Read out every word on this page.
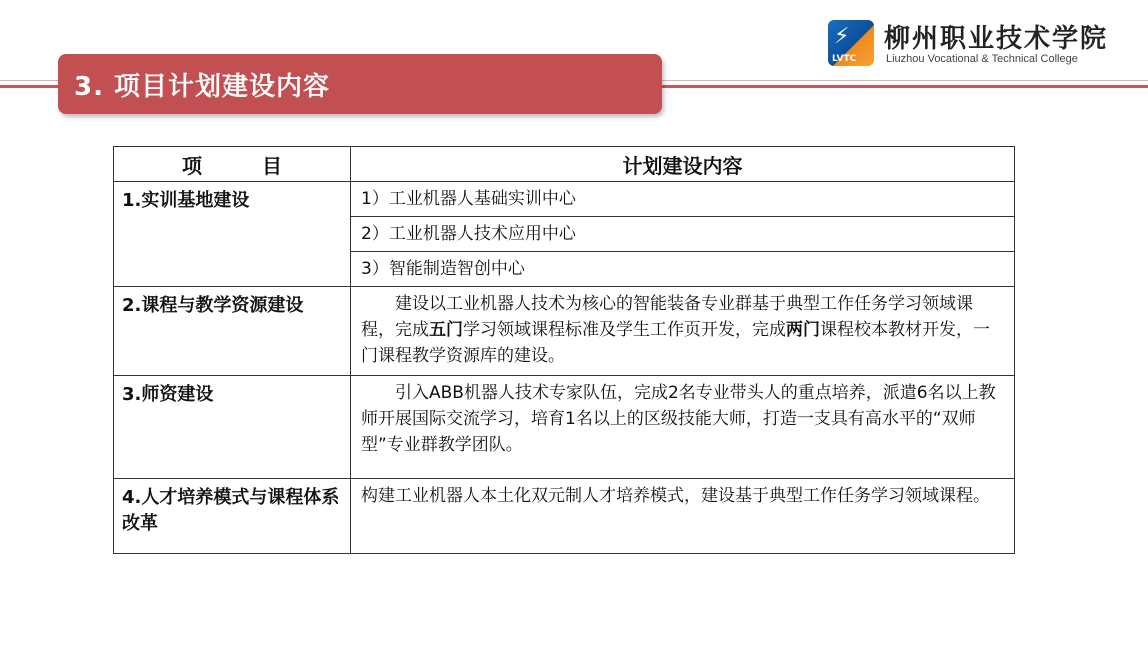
3. 项目计划建设内容
⚡
LVTC
柳州职业技术学院
Liuzhou Vocational & Technical College
项　　　目	计划建设内容
1.实训基地建设	1）工业机器人基础实训中心
	2）工业机器人技术应用中心
	3）智能制造智创中心
2.课程与教学资源建设	建设以工业机器人技术为核心的智能装备专业群基于典型工作任务学习领域课程，完成五门学习领域课程标准及学生工作页开发，完成两门课程校本教材开发，一门课程教学资源库的建设。
3.师资建设	引入ABB机器人技术专家队伍，完成2名专业带头人的重点培养，派遣6名以上教师开展国际交流学习，培育1名以上的区级技能大师，打造一支具有高水平的“双师型”专业群教学团队。
4.人才培养模式与课程体系改革	构建工业机器人本土化双元制人才培养模式，建设基于典型工作任务学习领域课程。
